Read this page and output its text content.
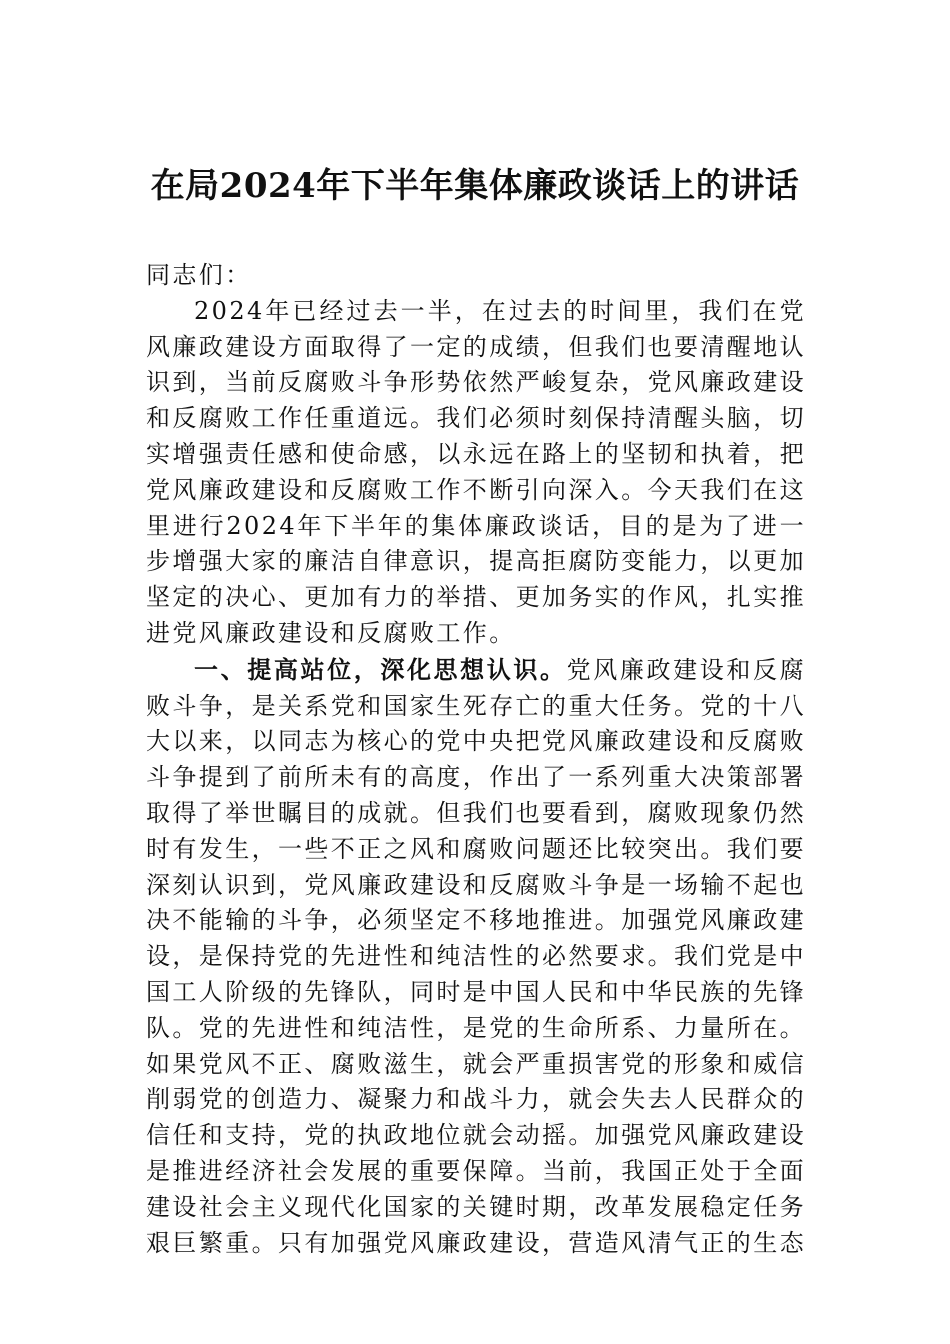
在局2024年下半年集体廉政谈话上的讲话

同志们：

2024年已经过去一半，在过去的时间里，我们在党风廉政建设方面取得了一定的成绩，但我们也要清醒地认识到，当前反腐败斗争形势依然严峻复杂，党风廉政建设和反腐败工作任重道远。我们必须时刻保持清醒头脑，切实增强责任感和使命感，以永远在路上的坚韧和执着，把党风廉政建设和反腐败工作不断引向深入。今天我们在这里进行2024年下半年的集体廉政谈话，目的是为了进一步增强大家的廉洁自律意识，提高拒腐防变能力，以更加坚定的决心、更加有力的举措、更加务实的作风，扎实推进党风廉政建设和反腐败工作。

一、提高站位，深化思想认识。党风廉政建设和反腐败斗争，是关系党和国家生死存亡的重大任务。党的十八大以来，以同志为核心的党中央把党风廉政建设和反腐败斗争提到了前所未有的高度，作出了一系列重大决策部署取得了举世瞩目的成就。但我们也要看到，腐败现象仍然时有发生，一些不正之风和腐败问题还比较突出。我们要深刻认识到，党风廉政建设和反腐败斗争是一场输不起也决不能输的斗争，必须坚定不移地推进。加强党风廉政建设，是保持党的先进性和纯洁性的必然要求。我们党是中国工人阶级的先锋队，同时是中国人民和中华民族的先锋队。党的先进性和纯洁性，是党的生命所系、力量所在。如果党风不正、腐败滋生，就会严重损害党的形象和威信削弱党的创造力、凝聚力和战斗力，就会失去人民群众的信任和支持，党的执政地位就会动摇。加强党风廉政建设是推进经济社会发展的重要保障。当前，我国正处于全面建设社会主义现代化国家的关键时期，改革发展稳定任务艰巨繁重。只有加强党风廉政建设，营造风清气正的生态
